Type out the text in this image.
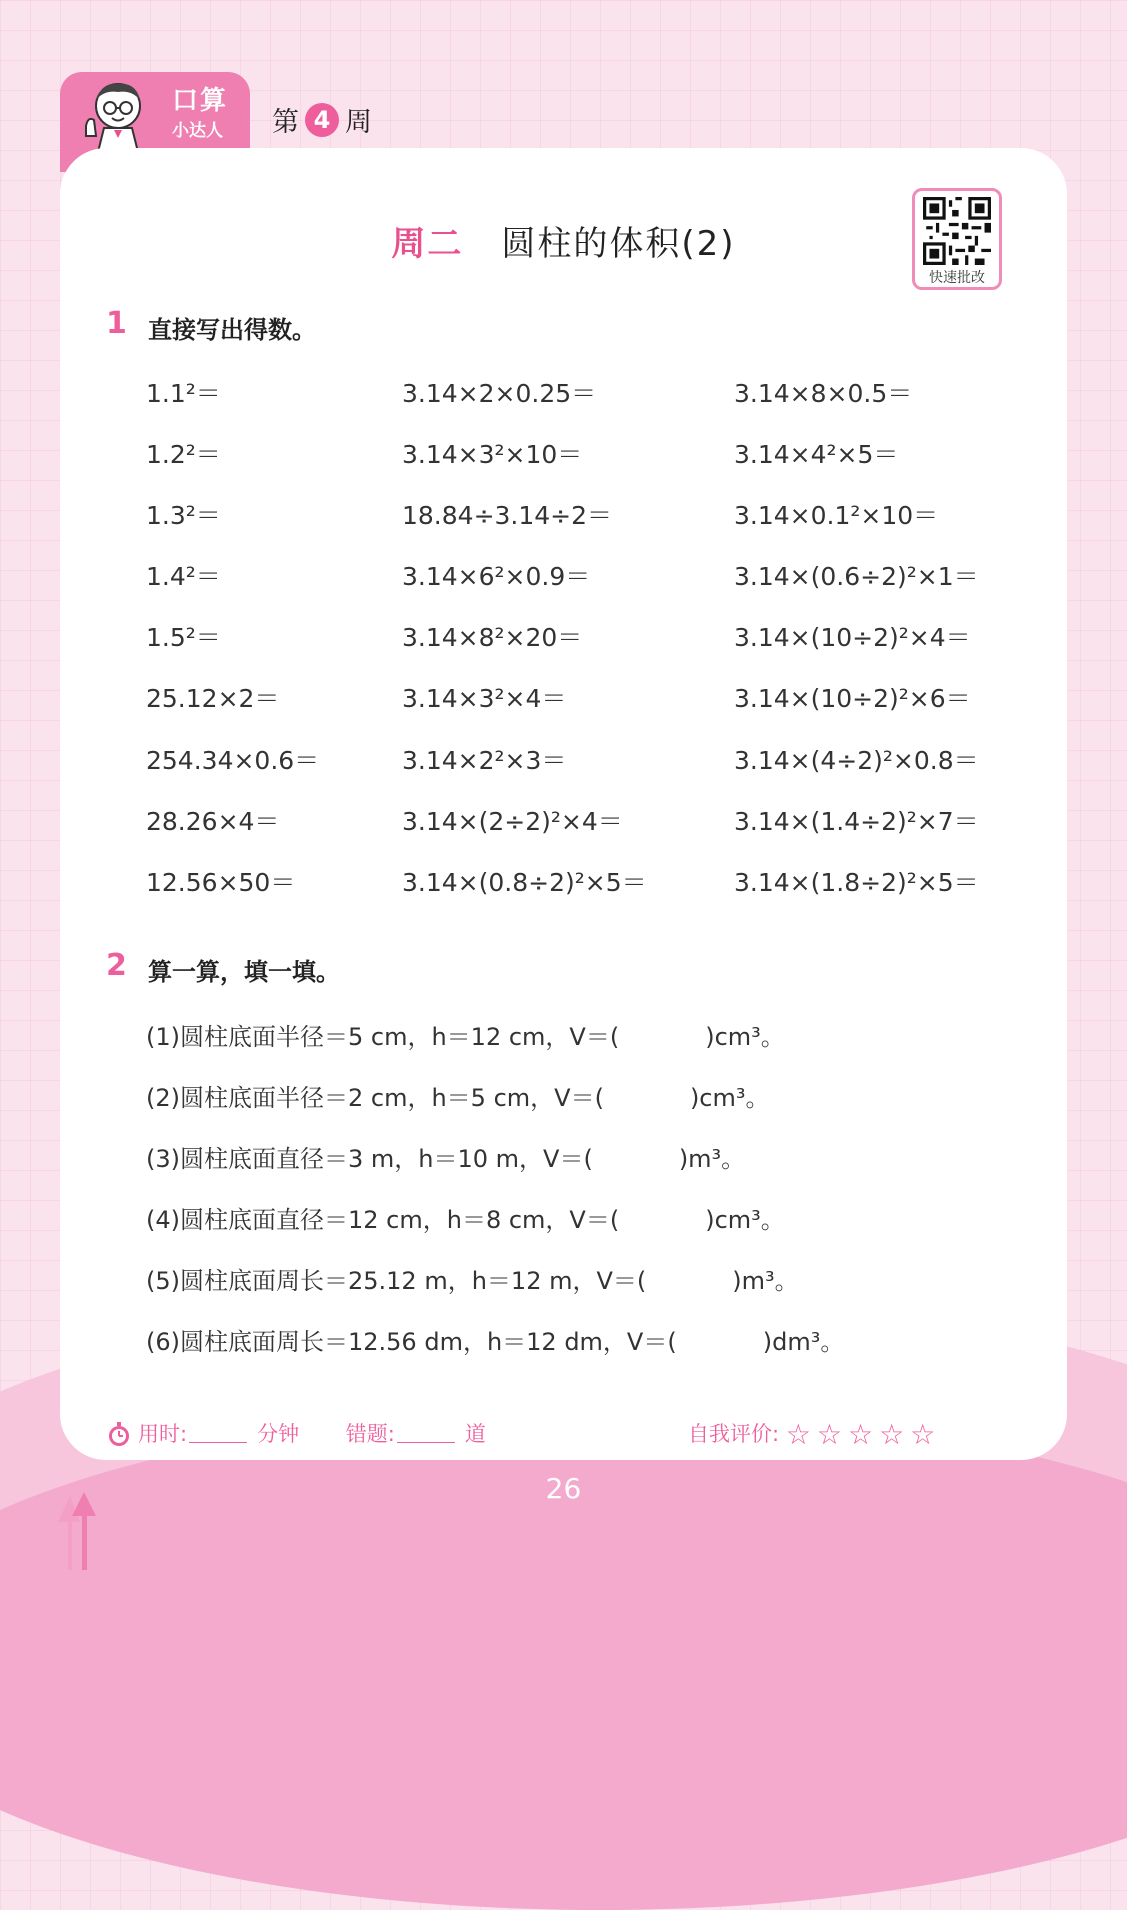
口算
小达人 第 4 周
周二 圆柱的体积(2)
快速批改
1 直接写出得数。
1.1²＝	3.14×2×0.25＝	3.14×8×0.5＝
1.2²＝	3.14×3²×10＝	3.14×4²×5＝
1.3²＝	18.84÷3.14÷2＝	3.14×0.1²×10＝
1.4²＝	3.14×6²×0.9＝	3.14×(0.6÷2)²×1＝
1.5²＝	3.14×8²×20＝	3.14×(10÷2)²×4＝
25.12×2＝	3.14×3²×4＝	3.14×(10÷2)²×6＝
254.34×0.6＝	3.14×2²×3＝	3.14×(4÷2)²×0.8＝
28.26×4＝	3.14×(2÷2)²×4＝	3.14×(1.4÷2)²×7＝
12.56×50＝	3.14×(0.8÷2)²×5＝	3.14×(1.8÷2)²×5＝
2 算一算，填一填。
(1)圆柱底面半径＝5 cm，h＝12 cm，V＝(	)cm³。
(2)圆柱底面半径＝2 cm，h＝5 cm，V＝(	)cm³。
(3)圆柱底面直径＝3 m，h＝10 m，V＝(	)m³。
(4)圆柱底面直径＝12 cm，h＝8 cm，V＝(	)cm³。
(5)圆柱底面周长＝25.12 m，h＝12 m，V＝(	)m³。
(6)圆柱底面周长＝12.56 dm，h＝12 dm，V＝(	)dm³。
用时:	分钟 错题:	道	自我评价: ☆☆☆☆☆
26
